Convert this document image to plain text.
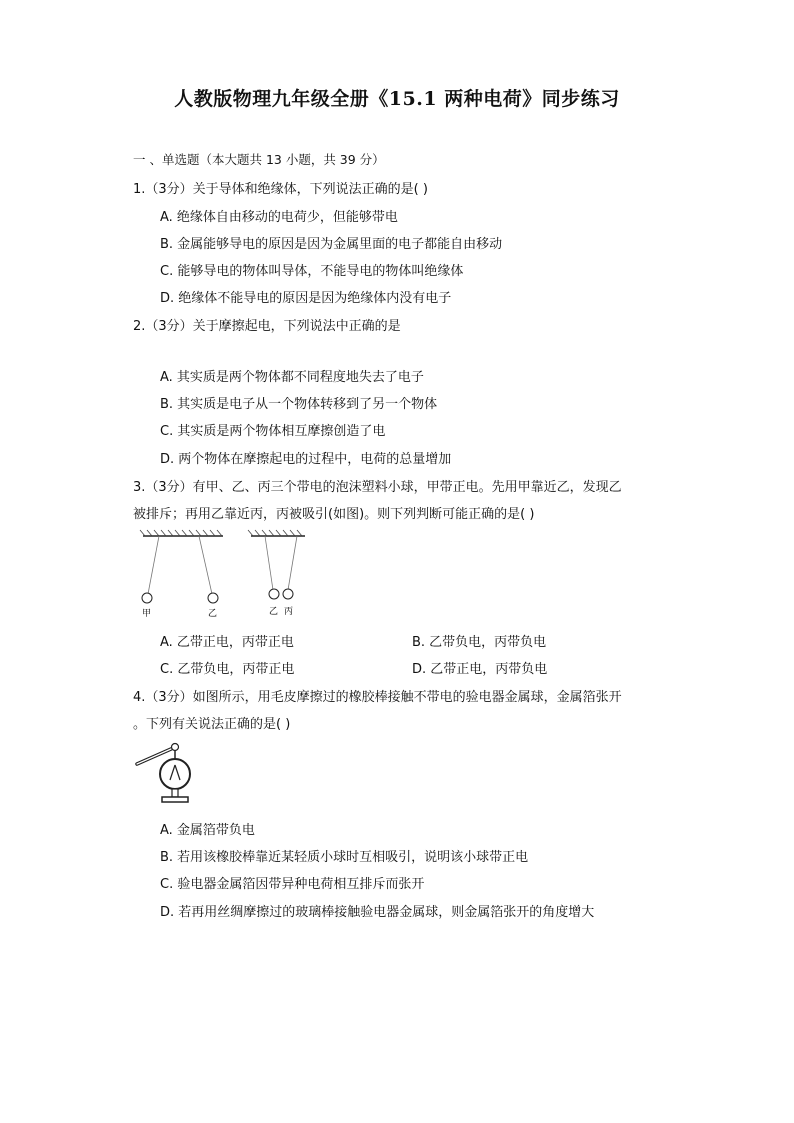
人教版物理九年级全册《15.1 两种电荷》同步练习
一 、单选题（本大题共 13 小题，共 39 分）
1.（3分）关于导体和绝缘体，下列说法正确的是( )
A. 绝缘体自由移动的电荷少，但能够带电
B. 金属能够导电的原因是因为金属里面的电子都能自由移动
C. 能够导电的物体叫导体，不能导电的物体叫绝缘体
D. 绝缘体不能导电的原因是因为绝缘体内没有电子
2.（3分）关于摩擦起电，下列说法中正确的是
A. 其实质是两个物体都不同程度地失去了电子
B. 其实质是电子从一个物体转移到了另一个物体
C. 其实质是两个物体相互摩擦创造了电
D. 两个物体在摩擦起电的过程中，电荷的总量增加
3.（3分）有甲、乙、丙三个带电的泡沫塑料小球，甲带正电。先用甲靠近乙，发现乙
被排斥；再用乙靠近丙，丙被吸引(如图)。则下列判断可能正确的是( )
甲	乙	乙 丙
A. 乙带正电，丙带正电	B. 乙带负电，丙带负电
C. 乙带负电，丙带正电	D. 乙带正电，丙带负电
4.（3分）如图所示，用毛皮摩擦过的橡胶棒接触不带电的验电器金属球，金属箔张开
。下列有关说法正确的是( )
A. 金属箔带负电
B. 若用该橡胶棒靠近某轻质小球时互相吸引，说明该小球带正电
C. 验电器金属箔因带异种电荷相互排斥而张开
D. 若再用丝绸摩擦过的玻璃棒接触验电器金属球，则金属箔张开的角度增大
